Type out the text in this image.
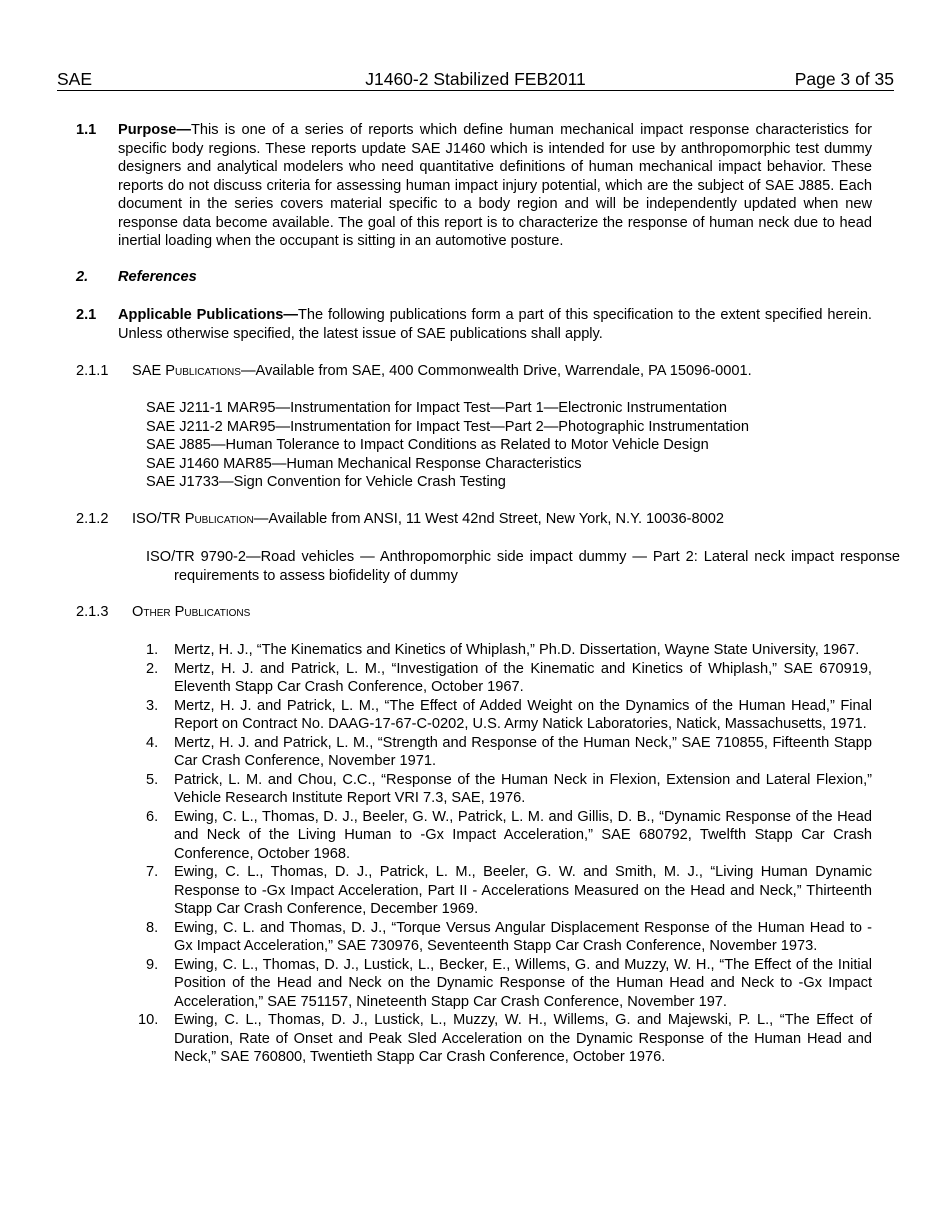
SAE	J1460-2 Stabilized FEB2011	Page 3 of 35
1.1 Purpose—This is one of a series of reports which define human mechanical impact response characteristics for specific body regions. These reports update SAE J1460 which is intended for use by anthropomorphic test dummy designers and analytical modelers who need quantitative definitions of human mechanical impact behavior. These reports do not discuss criteria for assessing human impact injury potential, which are the subject of SAE J885. Each document in the series covers material specific to a body region and will be independently updated when new response data become available. The goal of this report is to characterize the response of human neck due to head inertial loading when the occupant is sitting in an automotive posture.
2. References
2.1 Applicable Publications—The following publications form a part of this specification to the extent specified herein. Unless otherwise specified, the latest issue of SAE publications shall apply.
2.1.1 SAE Publications—Available from SAE, 400 Commonwealth Drive, Warrendale, PA 15096-0001.
SAE J211-1 MAR95—Instrumentation for Impact Test—Part 1—Electronic Instrumentation
SAE J211-2 MAR95—Instrumentation for Impact Test—Part 2—Photographic Instrumentation
SAE J885—Human Tolerance to Impact Conditions as Related to Motor Vehicle Design
SAE J1460 MAR85—Human Mechanical Response Characteristics
SAE J1733—Sign Convention for Vehicle Crash Testing
2.1.2 ISO/TR Publication—Available from ANSI, 11 West 42nd Street, New York, N.Y. 10036-8002
ISO/TR 9790-2—Road vehicles — Anthropomorphic side impact dummy — Part 2: Lateral neck impact response requirements to assess biofidelity of dummy
2.1.3 Other Publications
1. Mertz, H. J., “The Kinematics and Kinetics of Whiplash,” Ph.D. Dissertation, Wayne State University, 1967.
2. Mertz, H. J. and Patrick, L. M., “Investigation of the Kinematic and Kinetics of Whiplash,” SAE 670919, Eleventh Stapp Car Crash Conference, October 1967.
3. Mertz, H. J. and Patrick, L. M., “The Effect of Added Weight on the Dynamics of the Human Head,” Final Report on Contract No. DAAG-17-67-C-0202, U.S. Army Natick Laboratories, Natick, Massachusetts, 1971.
4. Mertz, H. J. and Patrick, L. M., “Strength and Response of the Human Neck,” SAE 710855, Fifteenth Stapp Car Crash Conference, November 1971.
5. Patrick, L. M. and Chou, C.C., “Response of the Human Neck in Flexion, Extension and Lateral Flexion,” Vehicle Research Institute Report VRI 7.3, SAE, 1976.
6. Ewing, C. L., Thomas, D. J., Beeler, G. W., Patrick, L. M. and Gillis, D. B., “Dynamic Response of the Head and Neck of the Living Human to -Gx Impact Acceleration,” SAE 680792, Twelfth Stapp Car Crash Conference, October 1968.
7. Ewing, C. L., Thomas, D. J., Patrick, L. M., Beeler, G. W. and Smith, M. J., “Living Human Dynamic Response to -Gx Impact Acceleration, Part II - Accelerations Measured on the Head and Neck,” Thirteenth Stapp Car Crash Conference, December 1969.
8. Ewing, C. L. and Thomas, D. J., “Torque Versus Angular Displacement Response of the Human Head to -Gx Impact Acceleration,” SAE 730976, Seventeenth Stapp Car Crash Conference, November 1973.
9. Ewing, C. L., Thomas, D. J., Lustick, L., Becker, E., Willems, G. and Muzzy, W. H., “The Effect of the Initial Position of the Head and Neck on the Dynamic Response of the Human Head and Neck to -Gx Impact Acceleration,” SAE 751157, Nineteenth Stapp Car Crash Conference, November 197.
10. Ewing, C. L., Thomas, D. J., Lustick, L., Muzzy, W. H., Willems, G. and Majewski, P. L., “The Effect of Duration, Rate of Onset and Peak Sled Acceleration on the Dynamic Response of the Human Head and Neck,” SAE 760800, Twentieth Stapp Car Crash Conference, October 1976.
